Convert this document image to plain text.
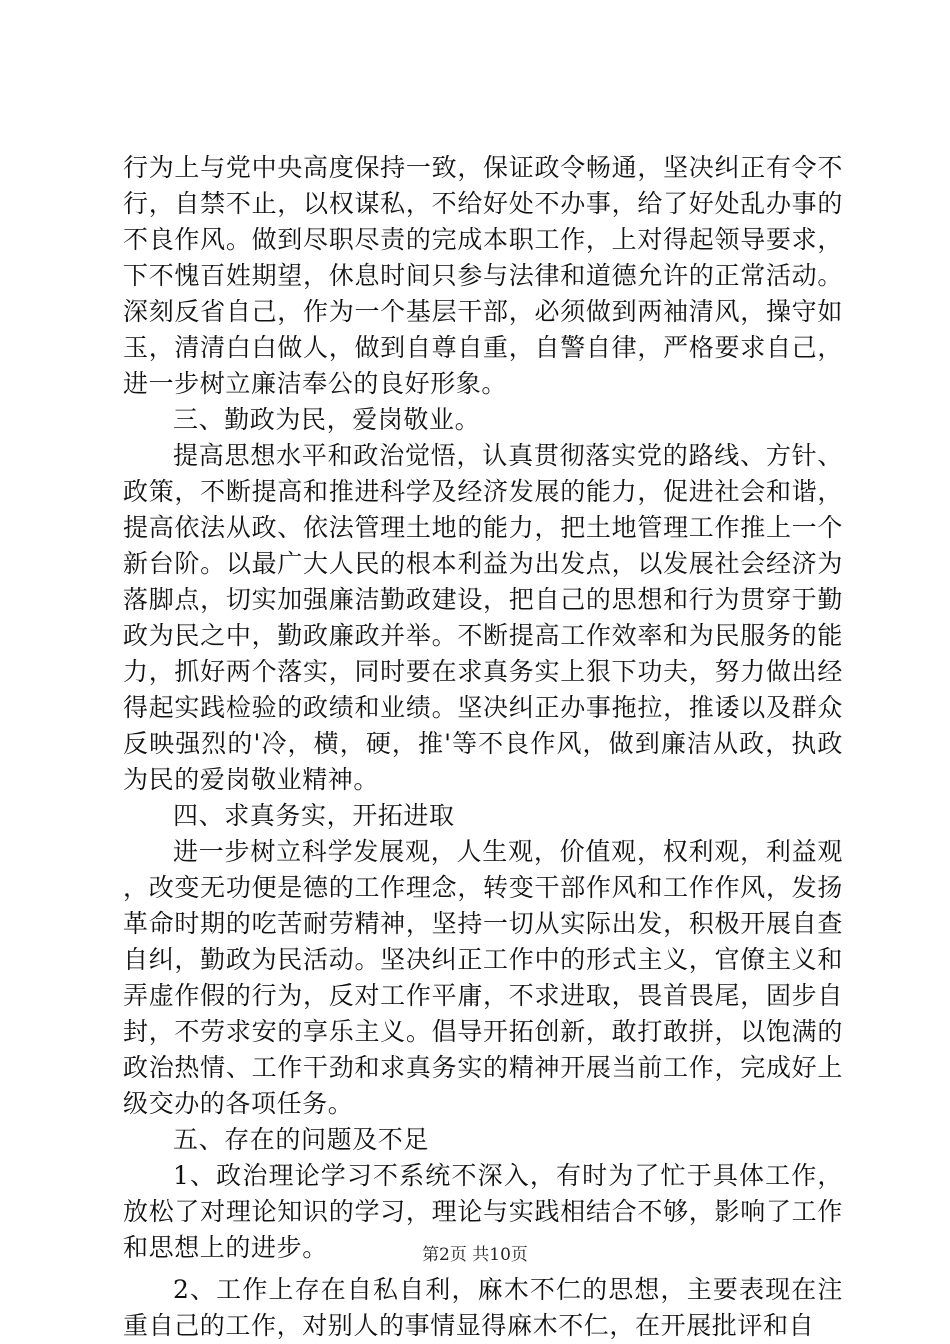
行为上与党中央高度保持一致，保证政令畅通，坚决纠正有令不行，自禁不止，以权谋私，不给好处不办事，给了好处乱办事的不良作风。做到尽职尽责的完成本职工作，上对得起领导要求，下不愧百姓期望，休息时间只参与法律和道德允许的正常活动。深刻反省自己，作为一个基层干部，必须做到两袖清风，操守如玉，清清白白做人，做到自尊自重，自警自律，严格要求自己，进一步树立廉洁奉公的良好形象。

三、勤政为民，爱岗敬业。

提高思想水平和政治觉悟，认真贯彻落实党的路线、方针、政策，不断提高和推进科学及经济发展的能力，促进社会和谐，提高依法从政、依法管理土地的能力，把土地管理工作推上一个新台阶。以最广大人民的根本利益为出发点，以发展社会经济为落脚点，切实加强廉洁勤政建设，把自己的思想和行为贯穿于勤政为民之中，勤政廉政并举。不断提高工作效率和为民服务的能力，抓好两个落实，同时要在求真务实上狠下功夫，努力做出经得起实践检验的政绩和业绩。坚决纠正办事拖拉，推诿以及群众反映强烈的'冷，横，硬，推'等不良作风，做到廉洁从政，执政为民的爱岗敬业精神。

四、求真务实，开拓进取

进一步树立科学发展观，人生观，价值观，权利观，利益观，改变无功便是德的工作理念，转变干部作风和工作作风，发扬革命时期的吃苦耐劳精神，坚持一切从实际出发，积极开展自查自纠，勤政为民活动。坚决纠正工作中的形式主义，官僚主义和弄虚作假的行为，反对工作平庸，不求进取，畏首畏尾，固步自封，不劳求安的享乐主义。倡导开拓创新，敢打敢拼，以饱满的政治热情、工作干劲和求真务实的精神开展当前工作，完成好上级交办的各项任务。

五、存在的问题及不足

1、政治理论学习不系统不深入，有时为了忙于具体工作，放松了对理论知识的学习，理论与实践相结合不够，影响了工作和思想上的进步。

2、工作上存在自私自利，麻木不仁的思想，主要表现在注重自己的工作，对别人的事情显得麻木不仁，在开展批评和自

第2页 共10页
